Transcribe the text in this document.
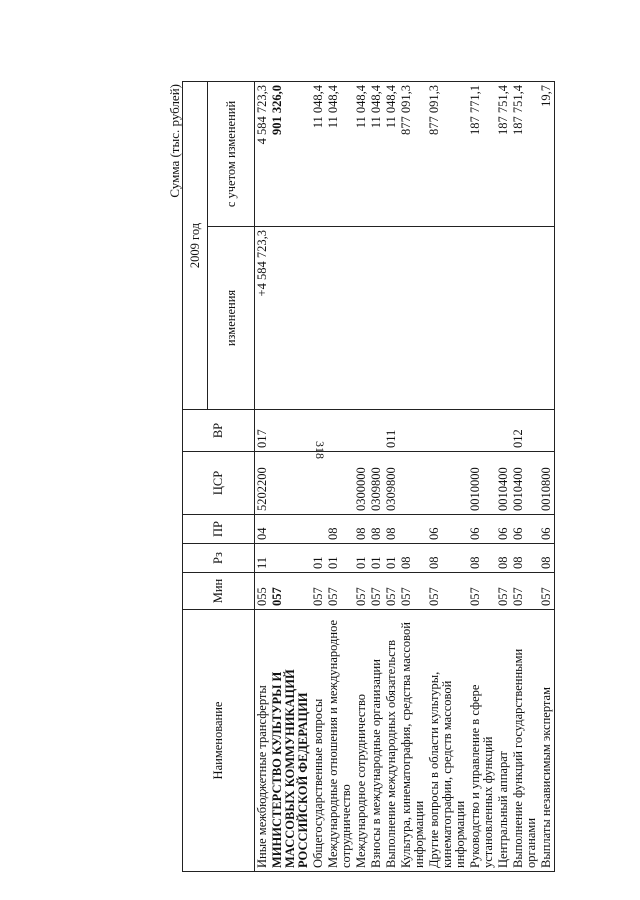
318
Сумма (тыс. рублей)
Наименование	Мин	Рз	ПР	ЦСР	ВР	2009 год	
						изменения	с учетом изменений
Иные межбюджетные трансферты	055	11	04	5202200	017	+4 584 723,3	4 584 723,3
МИНИСТЕРСТВО КУЛЬТУРЫ И МАССОВЫХ КОММУНИКАЦИЙ РОССИЙСКОЙ ФЕДЕРАЦИИ	057						901 326,0
Общегосударственные вопросы	057	01					11 048,4
Международные отношения и международное сотрудничество	057	01	08				11 048,4
Международное сотрудничество	057	01	08	0300000			11 048,4
Взносы в международные организации	057	01	08	0309800			11 048,4
Выполнение международных обязательств	057	01	08	0309800	011		11 048,4
Культура, кинематография, средства массовой информации	057	08					877 091,3
Другие вопросы в области культуры, кинематографии, средств массовой информации	057	08	06				877 091,3
Руководство и управление в сфере установленных функций	057	08	06	0010000			187 771,1
Центральный аппарат	057	08	06	0010400			187 751,4
Выполнение функций государственными органами	057	08	06	0010400	012		187 751,4
Выплаты независимым экспертам	057	08	06	0010800			19,7
